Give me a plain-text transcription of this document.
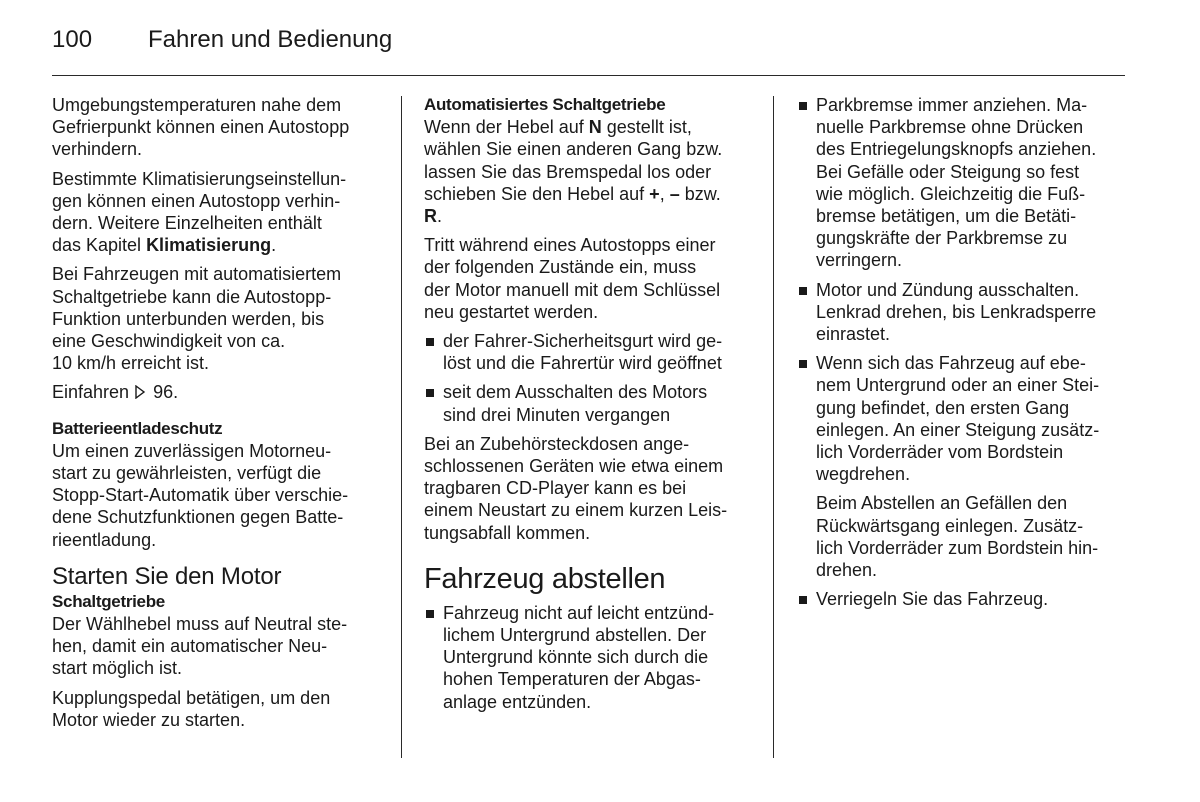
100 Fahren und Bedienung

Umgebungstemperaturen nahe dem
Gefrierpunkt können einen Autostopp
verhindern.

Bestimmte Klimatisierungseinstellun-
gen können einen Autostopp verhin-
dern. Weitere Einzelheiten enthält
das Kapitel Klimatisierung.

Bei Fahrzeugen mit automatisiertem
Schaltgetriebe kann die Autostopp-
Funktion unterbunden werden, bis
eine Geschwindigkeit von ca.
10 km/h erreicht ist.

Einfahren  96.

Batterieentladeschutz

Um einen zuverlässigen Motorneu-
start zu gewährleisten, verfügt die
Stopp-Start-Automatik über verschie-
dene Schutzfunktionen gegen Batte-
rieentladung.

Starten Sie den Motor

Schaltgetriebe

Der Wählhebel muss auf Neutral ste-
hen, damit ein automatischer Neu-
start möglich ist.

Kupplungspedal betätigen, um den
Motor wieder zu starten.

Automatisiertes Schaltgetriebe

Wenn der Hebel auf N gestellt ist,
wählen Sie einen anderen Gang bzw.
lassen Sie das Bremspedal los oder
schieben Sie den Hebel auf +, – bzw.
R.

Tritt während eines Autostopps einer
der folgenden Zustände ein, muss
der Motor manuell mit dem Schlüssel
neu gestartet werden.

der Fahrer-Sicherheitsgurt wird ge-
löst und die Fahrertür wird geöffnet
seit dem Ausschalten des Motors
sind drei Minuten vergangen

Bei an Zubehörsteckdosen ange-
schlossenen Geräten wie etwa einem
tragbaren CD-Player kann es bei
einem Neustart zu einem kurzen Leis-
tungsabfall kommen.

Fahrzeug abstellen

Fahrzeug nicht auf leicht entzünd-
lichem Untergrund abstellen. Der
Untergrund könnte sich durch die
hohen Temperaturen der Abgas-
anlage entzünden.
Parkbremse immer anziehen. Ma-
nuelle Parkbremse ohne Drücken
des Entriegelungsknopfs anziehen.
Bei Gefälle oder Steigung so fest
wie möglich. Gleichzeitig die Fuß-
bremse betätigen, um die Betäti-
gungskräfte der Parkbremse zu
verringern.
Motor und Zündung ausschalten.
Lenkrad drehen, bis Lenkradsperre
einrastet.
Wenn sich das Fahrzeug auf ebe-
nem Untergrund oder an einer Stei-
gung befindet, den ersten Gang
einlegen. An einer Steigung zusätz-
lich Vorderräder vom Bordstein
wegdrehen.

Beim Abstellen an Gefällen den
Rückwärtsgang einlegen. Zusätz-
lich Vorderräder zum Bordstein hin-
drehen.

Verriegeln Sie das Fahrzeug.
